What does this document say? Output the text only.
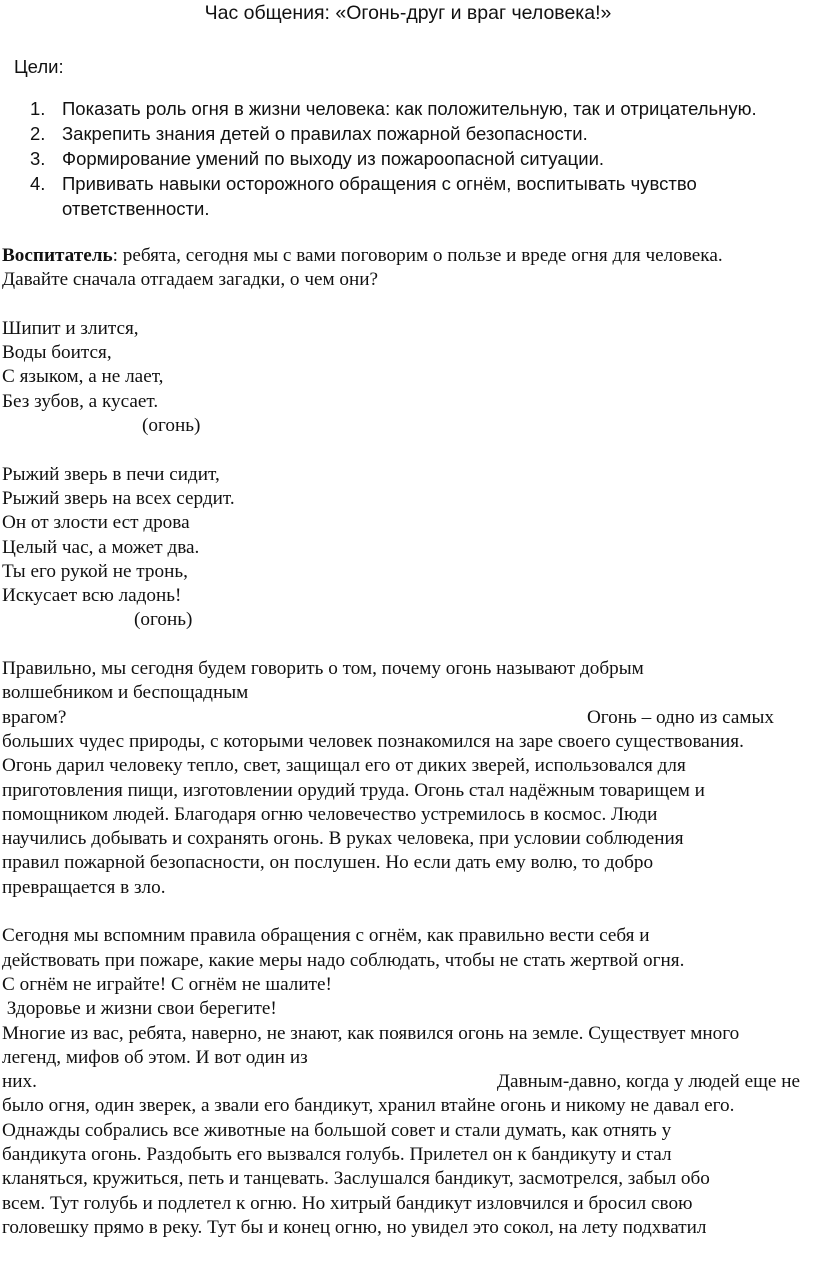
Час общения: «Огонь-друг и враг человека!»
Цели:
1. Показать роль огня в жизни человека: как положительную, так и отрицательную.
2. Закрепить знания детей о правилах пожарной безопасности.
3. Формирование умений по выходу из пожароопасной ситуации.
4. Прививать навыки осторожного обращения с огнём, воспитывать чувство
ответственности.

Воспитатель: ребята, сегодня мы с вами поговорим о пользе и вреде огня для человека.

Давайте сначала отгадаем загадки, о чем они?

Шипит и злится,

Воды боится,

С языком, а не лает,

Без зубов, а кусает.

(огонь)

Рыжий зверь в печи сидит,

Рыжий зверь на всех сердит.

Он от злости ест дрова

Целый час, а может два.

Ты его рукой не тронь,

Искусает всю ладонь!

(огонь)

Правильно, мы сегодня будем говорить о том, почему огонь называют добрым

волшебником и беспощадным

врагом?	Огонь – одно из самых

больших чудес природы, с которыми человек познакомился на заре своего существования.

Огонь дарил человеку тепло, свет, защищал его от диких зверей, использовался для

приготовления пищи, изготовлении орудий труда. Огонь стал надёжным товарищем и

помощником людей. Благодаря огню человечество устремилось в космос. Люди

научились добывать и сохранять огонь. В руках человека, при условии соблюдения

правил пожарной безопасности, он послушен. Но если дать ему волю, то добро

превращается в зло.

Сегодня мы вспомним правила обращения с огнём, как правильно вести себя и

действовать при пожаре, какие меры надо соблюдать, чтобы не стать жертвой огня.

С огнём не играйте! С огнём не шалите!

Здоровье и жизни свои берегите!

Многие из вас, ребята, наверно, не знают, как появился огонь на земле. Существует много

легенд, мифов об этом. И вот один из

них.	Давным-давно, когда у людей еще не

было огня, один зверек, а звали его бандикут, хранил втайне огонь и никому не давал его.

Однажды собрались все животные на большой совет и стали думать, как отнять у

бандикута огонь. Раздобыть его вызвался голубь. Прилетел он к бандикуту и стал

кланяться, кружиться, петь и танцевать. Заслушался бандикут, засмотрелся, забыл обо

всем. Тут голубь и подлетел к огню. Но хитрый бандикут изловчился и бросил свою

головешку прямо в реку. Тут бы и конец огню, но увидел это сокол, на лету подхватил
